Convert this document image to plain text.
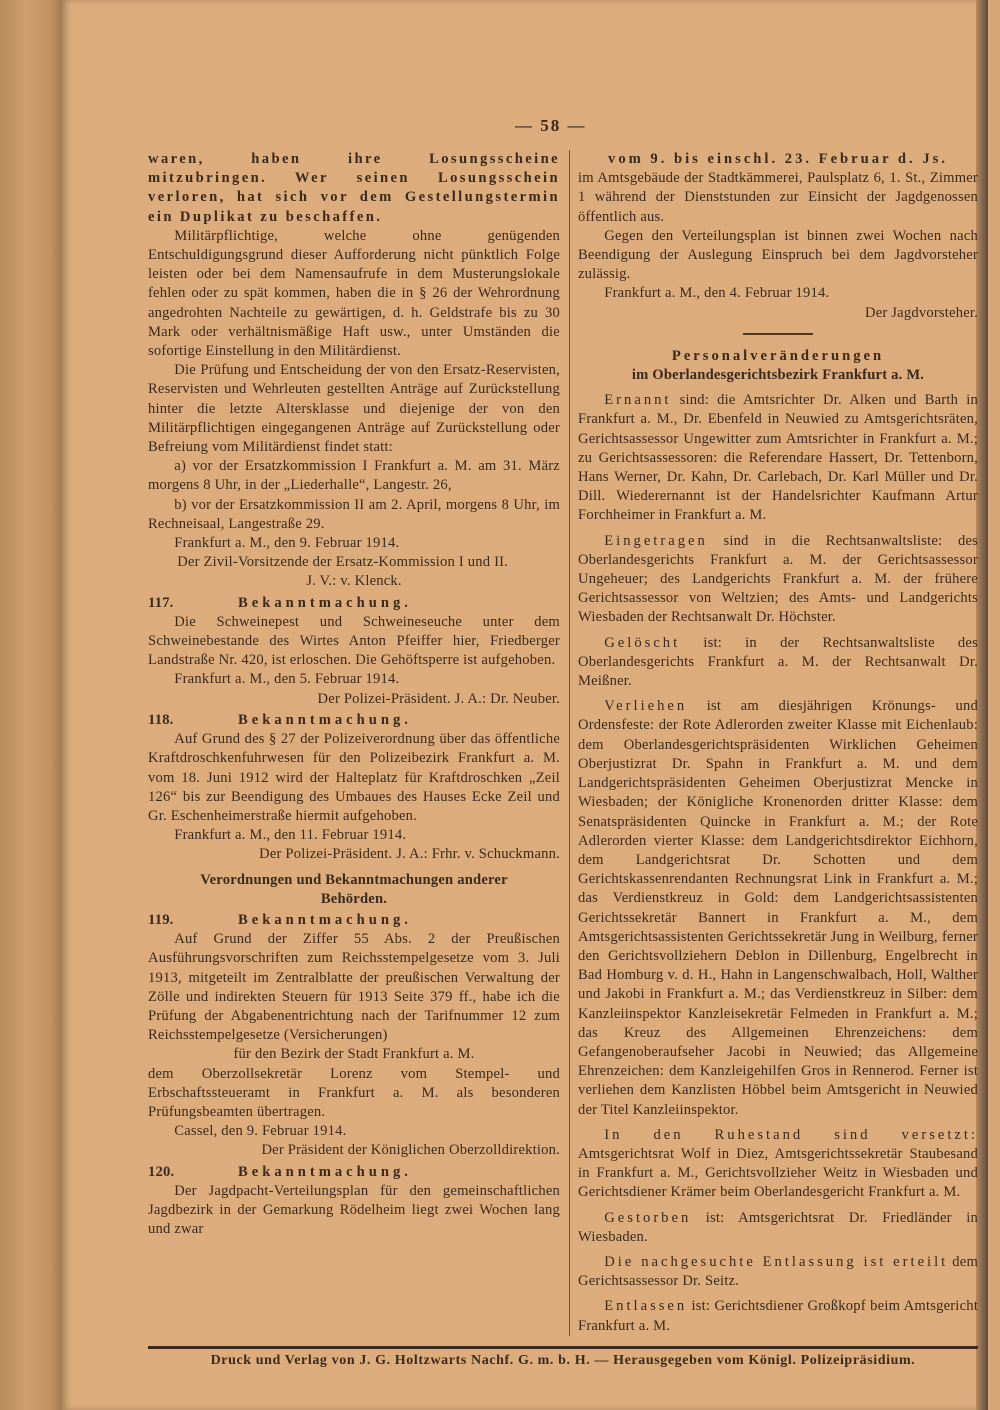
— 58 —

waren, haben ihre Losungsscheine mitzubringen. Wer seinen Losungsschein verloren, hat sich vor dem Gestellungstermin ein Duplikat zu beschaffen.

Militärpflichtige, welche ohne genügenden Entschuldigungsgrund dieser Aufforderung nicht pünktlich Folge leisten oder bei dem Namensaufrufe in dem Musterungslokale fehlen oder zu spät kommen, haben die in § 26 der Wehrordnung angedrohten Nachteile zu gewärtigen, d. h. Geldstrafe bis zu 30 Mark oder verhältnismäßige Haft usw., unter Umständen die sofortige Einstellung in den Militärdienst.

Die Prüfung und Entscheidung der von den Ersatz-Reservisten, Reservisten und Wehrleuten gestellten Anträge auf Zurückstellung hinter die letzte Altersklasse und diejenige der von den Militärpflichtigen eingegangenen Anträge auf Zurückstellung oder Befreiung vom Militärdienst findet statt:

a) vor der Ersatzkommission I Frankfurt a. M. am 31. März morgens 8 Uhr, in der „Liederhalle“, Langestr. 26,

b) vor der Ersatzkommission II am 2. April, morgens 8 Uhr, im Rechneisaal, Langestraße 29.

Frankfurt a. M., den 9. Februar 1914.

Der Zivil-Vorsitzende der Ersatz-Kommission I und II.

J. V.: v. Klenck.

117.	Bekanntmachung.

Die Schweinepest und Schweineseuche unter dem Schweinebestande des Wirtes Anton Pfeiffer hier, Friedberger Landstraße Nr. 420, ist erloschen. Die Gehöftsperre ist aufgehoben.

Frankfurt a. M., den 5. Februar 1914.

Der Polizei-Präsident. J. A.: Dr. Neuber.

118.	Bekanntmachung.

Auf Grund des § 27 der Polizeiverordnung über das öffentliche Kraftdroschkenfuhrwesen für den Polizeibezirk Frankfurt a. M. vom 18. Juni 1912 wird der Halteplatz für Kraftdroschken „Zeil 126“ bis zur Beendigung des Umbaues des Hauses Ecke Zeil und Gr. Eschenheimerstraße hiermit aufgehoben.

Frankfurt a. M., den 11. Februar 1914.

Der Polizei-Präsident. J. A.: Frhr. v. Schuckmann.

Verordnungen und Bekanntmachungen anderer Behörden.

119.	Bekanntmachung.

Auf Grund der Ziffer 55 Abs. 2 der Preußischen Ausführungsvorschriften zum Reichsstempelgesetze vom 3. Juli 1913, mitgeteilt im Zentralblatte der preußischen Verwaltung der Zölle und indirekten Steuern für 1913 Seite 379 ff., habe ich die Prüfung der Abgabenentrichtung nach der Tarifnummer 12 zum Reichsstempelgesetze (Versicherungen)

für den Bezirk der Stadt Frankfurt a. M.

dem Oberzollsekretär Lorenz vom Stempel- und Erbschaftssteueramt in Frankfurt a. M. als besonderen Prüfungsbeamten übertragen.

Cassel, den 9. Februar 1914.

Der Präsident der Königlichen Oberzolldirektion.

120.	Bekanntmachung.

Der Jagdpacht-Verteilungsplan für den gemeinschaftlichen Jagdbezirk in der Gemarkung Rödelheim liegt zwei Wochen lang und zwar

vom 9. bis einschl. 23. Februar d. Js.

im Amtsgebäude der Stadtkämmerei, Paulsplatz 6, 1. St., Zimmer 1 während der Dienststunden zur Einsicht der Jagdgenossen öffentlich aus.

Gegen den Verteilungsplan ist binnen zwei Wochen nach Beendigung der Auslegung Einspruch bei dem Jagdvorsteher zulässig.

Frankfurt a. M., den 4. Februar 1914.

Der Jagdvorsteher.

Personalveränderungen

im Oberlandesgerichtsbezirk Frankfurt a. M.

Ernannt sind: die Amtsrichter Dr. Alken und Barth in Frankfurt a. M., Dr. Ebenfeld in Neuwied zu Amtsgerichtsräten, Gerichtsassessor Ungewitter zum Amtsrichter in Frankfurt a. M.; zu Gerichtsassessoren: die Referendare Hassert, Dr. Tettenborn, Hans Werner, Dr. Kahn, Dr. Carlebach, Dr. Karl Müller und Dr. Dill. Wiederernannt ist der Handelsrichter Kaufmann Artur Forchheimer in Frankfurt a. M.

Eingetragen sind in die Rechtsanwaltsliste: des Oberlandesgerichts Frankfurt a. M. der Gerichtsassessor Ungeheuer; des Landgerichts Frankfurt a. M. der frühere Gerichtsassessor von Weltzien; des Amts- und Landgerichts Wiesbaden der Rechtsanwalt Dr. Höchster.

Gelöscht ist: in der Rechtsanwaltsliste des Oberlandesgerichts Frankfurt a. M. der Rechtsanwalt Dr. Meißner.

Verliehen ist am diesjährigen Krönungs- und Ordensfeste: der Rote Adlerorden zweiter Klasse mit Eichenlaub: dem Oberlandesgerichtspräsidenten Wirklichen Geheimen Oberjustizrat Dr. Spahn in Frankfurt a. M. und dem Landgerichtspräsidenten Geheimen Oberjustizrat Mencke in Wiesbaden; der Königliche Kronenorden dritter Klasse: dem Senatspräsidenten Quincke in Frankfurt a. M.; der Rote Adlerorden vierter Klasse: dem Landgerichtsdirektor Eichhorn, dem Landgerichtsrat Dr. Schotten und dem Gerichtskassenrendanten Rechnungsrat Link in Frankfurt a. M.; das Verdienstkreuz in Gold: dem Landgerichtsassistenten Gerichtssekretär Bannert in Frankfurt a. M., dem Amtsgerichtsassistenten Gerichtssekretär Jung in Weilburg, ferner den Gerichtsvollziehern Deblon in Dillenburg, Engelbrecht in Bad Homburg v. d. H., Hahn in Langenschwalbach, Holl, Walther und Jakobi in Frankfurt a. M.; das Verdienstkreuz in Silber: dem Kanzleiinspektor Kanzleisekretär Felmeden in Frankfurt a. M.; das Kreuz des Allgemeinen Ehrenzeichens: dem Gefangenoberaufseher Jacobi in Neuwied; das Allgemeine Ehrenzeichen: dem Kanzleigehilfen Gros in Rennerod. Ferner ist verliehen dem Kanzlisten Höbbel beim Amtsgericht in Neuwied der Titel Kanzleiinspektor.

In den Ruhestand sind versetzt: Amtsgerichtsrat Wolf in Diez, Amtsgerichtssekretär Staubesand in Frankfurt a. M., Gerichtsvollzieher Weitz in Wiesbaden und Gerichtsdiener Krämer beim Oberlandesgericht Frankfurt a. M.

Gestorben ist: Amtsgerichtsrat Dr. Friedländer in Wiesbaden.

Die nachgesuchte Entlassung ist erteilt dem Gerichtsassessor Dr. Seitz.

Entlassen ist: Gerichtsdiener Großkopf beim Amtsgericht Frankfurt a. M.

Druck und Verlag von J. G. Holtzwarts Nachf. G. m. b. H. — Herausgegeben vom Königl. Polizeipräsidium.
